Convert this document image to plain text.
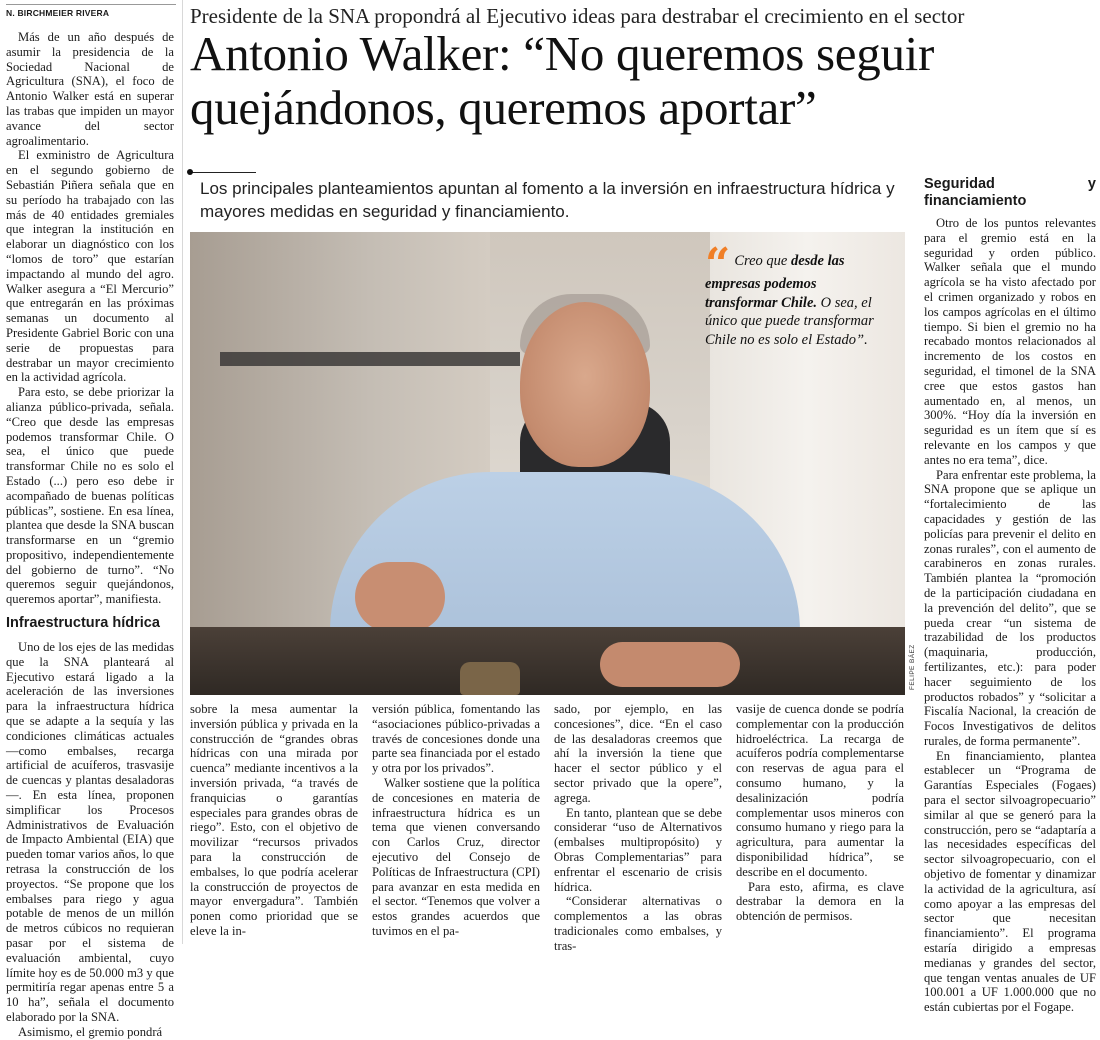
N. BIRCHMEIER RIVERA	Presidente de la SNA propondrá al Ejecutivo ideas para destrabar el crecimiento en el sector
Antonio Walker: “No queremos seguir quejándonos, queremos aportar”
Los principales planteamientos apuntan al fomento a la inversión en infraestructura hídrica y mayores medidas en seguridad y financiamiento.

Más de un año después de asumir la presidencia de la Sociedad Nacional de Agricultura (SNA), el foco de Antonio Walker está en superar las trabas que impiden un mayor avance del sector agroalimentario.

El exministro de Agricultura en el segundo gobierno de Sebastián Piñera señala que en su período ha trabajado con las más de 40 entidades gremiales que integran la institución en elaborar un diagnóstico con los “lomos de toro” que estarían impactando al mundo del agro. Walker asegura a “El Mercurio” que entregarán en las próximas semanas un documento al Presidente Gabriel Boric con una serie de propuestas para destrabar un mayor crecimiento en la actividad agrícola.

Para esto, se debe priorizar la alianza público-privada, señala. “Creo que desde las empresas podemos transformar Chile. O sea, el único que puede transformar Chile no es solo el Estado (...) pero eso debe ir acompañado de buenas políticas públicas”, sostiene. En esa línea, plantea que desde la SNA buscan transformarse en un “gremio propositivo, independientemente del gobierno de turno”. “No queremos seguir quejándonos, queremos aportar”, manifiesta.

Infraestructura hídrica

Uno de los ejes de las medidas que la SNA planteará al Ejecutivo estará ligado a la aceleración de las inversiones para la infraestructura hídrica que se adapte a la sequía y las condiciones climáticas actuales —como embalses, recarga artificial de acuíferos, trasvasije de cuencas y plantas desaladoras—. En esta línea, proponen simplificar los Procesos Administrativos de Evaluación de Impacto Ambiental (EIA) que pueden tomar varios años, lo que retrasa la construcción de los proyectos. “Se propone que los embalses para riego y agua potable de menos de un millón de metros cúbicos no requieran pasar por el sistema de evaluación ambiental, cuyo límite hoy es de 50.000 m3 y que permitiría regar apenas entre 5 a 10 ha”, señala el documento elaborado por la SNA.

Asimismo, el gremio pondrá

“ Creo que desde las empresas podemos transformar Chile. O sea, el único que puede transformar Chile no es solo el Estado”.
FELIPE BÁEZ

sobre la mesa aumentar la inversión pública y privada en la construcción de “grandes obras hídricas con una mirada por cuenca” mediante incentivos a la inversión privada, “a través de franquicias o garantías especiales para grandes obras de riego”. Esto, con el objetivo de movilizar “recursos privados para la construcción de embalses, lo que podría acelerar la construcción de proyectos de mayor envergadura”. También ponen como prioridad que se eleve la in-

versión pública, fomentando las “asociaciones público-privadas a través de concesiones donde una parte sea financiada por el estado y otra por los privados”.

Walker sostiene que la política de concesiones en materia de infraestructura hídrica es un tema que vienen conversando con Carlos Cruz, director ejecutivo del Consejo de Políticas de Infraestructura (CPI) para avanzar en esta medida en el sector. “Tenemos que volver a estos grandes acuerdos que tuvimos en el pa-

sado, por ejemplo, en las concesiones”, dice. “En el caso de las desaladoras creemos que ahí la inversión la tiene que hacer el sector público y el sector privado que la opere”, agrega.

En tanto, plantean que se debe considerar “uso de Alternativos (embalses multipropósito) y Obras Complementarias” para enfrentar el escenario de crisis hídrica.

“Considerar alternativas o complementos a las obras tradicionales como embalses, y tras-

vasije de cuenca donde se podría complementar con la producción hidroeléctrica. La recarga de acuíferos podría complementarse con reservas de agua para el consumo humano, y la desalinización podría complementar usos mineros con consumo humano y riego para la agricultura, para aumentar la disponibilidad hídrica”, se describe en el documento.

Para esto, afirma, es clave destrabar la demora en la obtención de permisos.

Seguridad y financiamiento

Otro de los puntos relevantes para el gremio está en la seguridad y orden público. Walker señala que el mundo agrícola se ha visto afectado por el crimen organizado y robos en los campos agrícolas en el último tiempo. Si bien el gremio no ha recabado montos relacionados al incremento de los costos en seguridad, el timonel de la SNA cree que estos gastos han aumentado en, al menos, un 300%. “Hoy día la inversión en seguridad es un ítem que sí es relevante en los campos y que antes no era tema”, dice.

Para enfrentar este problema, la SNA propone que se aplique un “fortalecimiento de las capacidades y gestión de las policías para prevenir el delito en zonas rurales”, con el aumento de carabineros en zonas rurales. También plantea la “promoción de la participación ciudadana en la prevención del delito”, que se pueda crear “un sistema de trazabilidad de los productos (maquinaria, producción, fertilizantes, etc.): para poder hacer seguimiento de los productos robados” y “solicitar a Fiscalía Nacional, la creación de Focos Investigativos de delitos rurales, de forma permanente”.

En financiamiento, plantea establecer un “Programa de Garantías Especiales (Fogaes) para el sector silvoagropecuario” similar al que se generó para la construcción, pero se “adaptaría a las necesidades específicas del sector silvoagropecuario, con el objetivo de fomentar y dinamizar la actividad de la agricultura, así como apoyar a las empresas del sector que necesitan financiamiento”. El programa estaría dirigido a empresas medianas y grandes del sector, que tengan ventas anuales de UF 100.001 a UF 1.000.000 que no están cubiertas por el Fogape.
